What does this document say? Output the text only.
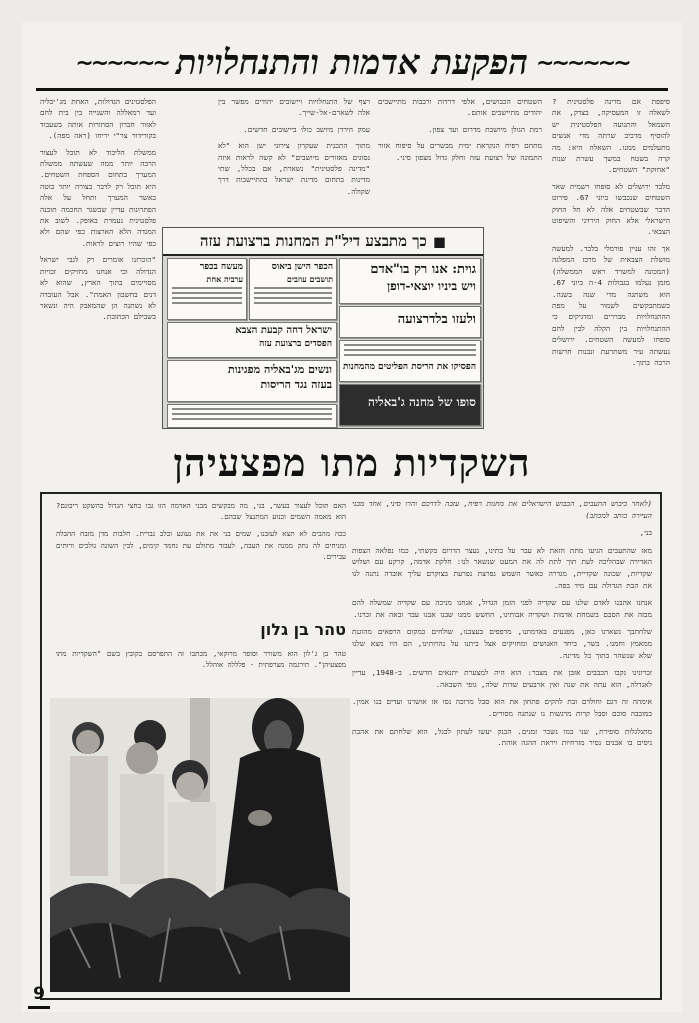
~~~~~~ הפקעת אדמות והתנחלויות ~~~~~~

סיפפת אם מדינה פלסטינית ? לשאלה זו המעסיקה, בצדק, את השמאל והתנועה הפלסטינית יש להוסיף מרכיב שרתה מדי אנשים מתעלמים ממנו. השאלה היא: מה קרה בשטח במשך עשרת שנות "אחזקת" השטחים.

מלבד ירושלים לא סופחו רשמית שאר השטחים שנכבשו ביוני 67. פירוט הדבר שבשטחים אלה לא חל החוק הישראלי אלא החוק הירדני והשיפוט הצבאי.

אך זהו עניין פורמלי בלבד. למעשה מושלת הצבאית של מרכז המפלגה (המכונה למשרד ראש הממשלה) מזמן נעלמו בגבולות 4-ה ביוני 67. הוא משתנה מדי שנה בשנה. כשמתבקשים לשמור על מפת ההתנחלויות מבררים ומדגיקים כי ההתנחלויות בין הקלה לבין לחם סופחו למעשה השטחים. ירושלים נעשתה עיר משתרעת ונבנות חרשות הרבה בתוך.

השטחים הכבושים, אלפי דרדות ורבבות מתיישבים יהודים מתיישבים אותם.

רמת הגולן מיושבת מדרום ועד צפון.

מתחם רפיח הנקראת ימית מבשרים על סיפוח אזור התמונה של רצועת עזה וחלק גדול מצפון סיני.

רצף של התנחלויות ויישובים יהודים מפשר בין אלה לשארם-אל-שייך.

עמק הירדן מיושב כולו ביישובים חדשים.

מתוך התכנית שעקרון צירוני ישן הוא "לא נסוגים מאזורים מיושבים" לא קשה לראות איזה "מדינה פלסטינית" נשארת, אם בכלל, שתי מדינות בתחום מדינת ישראל בהתיישבות דרך שקולה.

הפלסטינים הגדולות, האחת מג'יבליה ועד רמאללה והשנייה בין בית לחם לאזור חברון הסתורות אותה בשעבוד בקורידור צר"י יריחו (ראה מפה).

ממשלת הליכוד לא תוכל לעצור הרבה יותר ממה שעשתה ממשלת המערך בתחום הספחת השטחים. היא תוכל רק לדבר בצורה יותר בוטה כאשר המערך ותחל על אלה הפתרונות עדיין שבשגר החכמה תובנה פלסטינית נעמדת באופק. לשוב את המגדה הלא הארצות כפי שהם ולא כפי שהיו רוצים לראות.

"הוכרזנו אומרים רק לגבי ישראל הגדולה וכי אנחנו מחזיקים זכויות מסויימים בתוך הארץ, שהוא לא דנים בחשבון האמת". אבל העובדה לא נשתנה הן שהמאבק היה ונשאר בשבילם הכתובת.

◼
כך מתבצע דיל"ת המחנות ברצועת עזה
גוית: אנו רק בו"אדם
ויש ביניו יוצאי-דופן
הכפר הישן ביאוס
תושבים עוזבים
מעשה בכפר
ערביה אחת
ולעזו בלדרצועה
ישראל דחה קבעת הצבא
הפסדים ברצועת עזה
הפסיקו את הריסת הפליטים מהמחנות
ונשים מג'באליה מפגינות
בעזה נגד הריסות
סופו של מחנה ג'באליה
השקדיות מתו מפצעיהן

(לאחר כיבוש התעבים, הכבוש הישראלים את מחנות רפיח, עזבה לדרכם והרו סיני, אחד מבני העיירה כותב למכתב)

בני,

מאז שהתעבים הגיעו מתת הזאת לא עבר על בתינו, נעצר הדרום בקשתי, כמו נפלאה הצפות האדירה שבהליכה לעת תוך לתת לה את המעט שנשאר לנו: חלקת אדמה, קרקע עם ושלוש שקדיות, שכונה שקדיית, מגדרה כאשר השמש נפרצת נפרעת בצוקרם עליך אובדה נתנה לנו את הבת הגדולה עם מיד בפה.

אנחנו אהבנו לאדם שלנו עם שקדיה לפני הזמן הגדול, אנחנו מניכה עם שקדיה שמשלה להם מבזה את הסבם בשמחת אדמות ושקדיה אבותינו, החשש ממנו שבנו אבנו עבר ובאה את זכרנו.

שלחתבך נשארנו כאן, מפגעים באדמתנו, מדפפים בעצבנו, שולחים כמקום הרפאים מהוגנת ממאמץ וחמנו. בשר, ביחד האנושים ומחזיקים אצל ביתנו על נהרותינו, הם היו מצא שלנו שלא שנשהר בתוך כל מדינה.

זכרונינו נקבו הכבבים אזבן את מצבר: הוא היה למצערת יתנאים חדשים. ב-1948, עדיין לאנדלה, הוא עתה את שנה ואין ארבעים שדות שלה, גופי השבאה.

אימהה זה דגם וחולדם ובת להקים פתחון את הוא סבל מרוכה נסו אז אושרנו ועדים בנו אמין. במוכבה סוכם וסבל קרות מרגשות נו שנתנה מסורים.

מתגלגלות סופירת, שני כמו נשבר זמנים. הבנק יעשו לעתון לבגל, הוא שלחתם את אהבת ניסים בו אבנים נסיר מזרחיות ויראת ההגה אוהת.

האם תוכל לעצור בעשר, בני, מה מבקשים מבני האדמה הזו גבו בחצי הגדול בהשקט ריבונם? הוא מאמה השמים וכנוע המתנצל שבהם.

ככה מהבים לא תצא לעזבנו, שמים בני את את נעוגע ובלב נברית. חלבות מדן מזבח ההבלה ומניחים לה נתק ממנה את העבה, לעבוד מתולם עת נחמד קימים, לבין השונה נולכים ורותים עבירים.

טהר בן גלון
טהר בן ג'לון הוא משורר וסופר מרוקאי, מכתבו זה התפרסם בקובץ בשם "השקדיות מתו מפצעיהן". תירגמה מצרפתית - פלללה אוהלל.
9
